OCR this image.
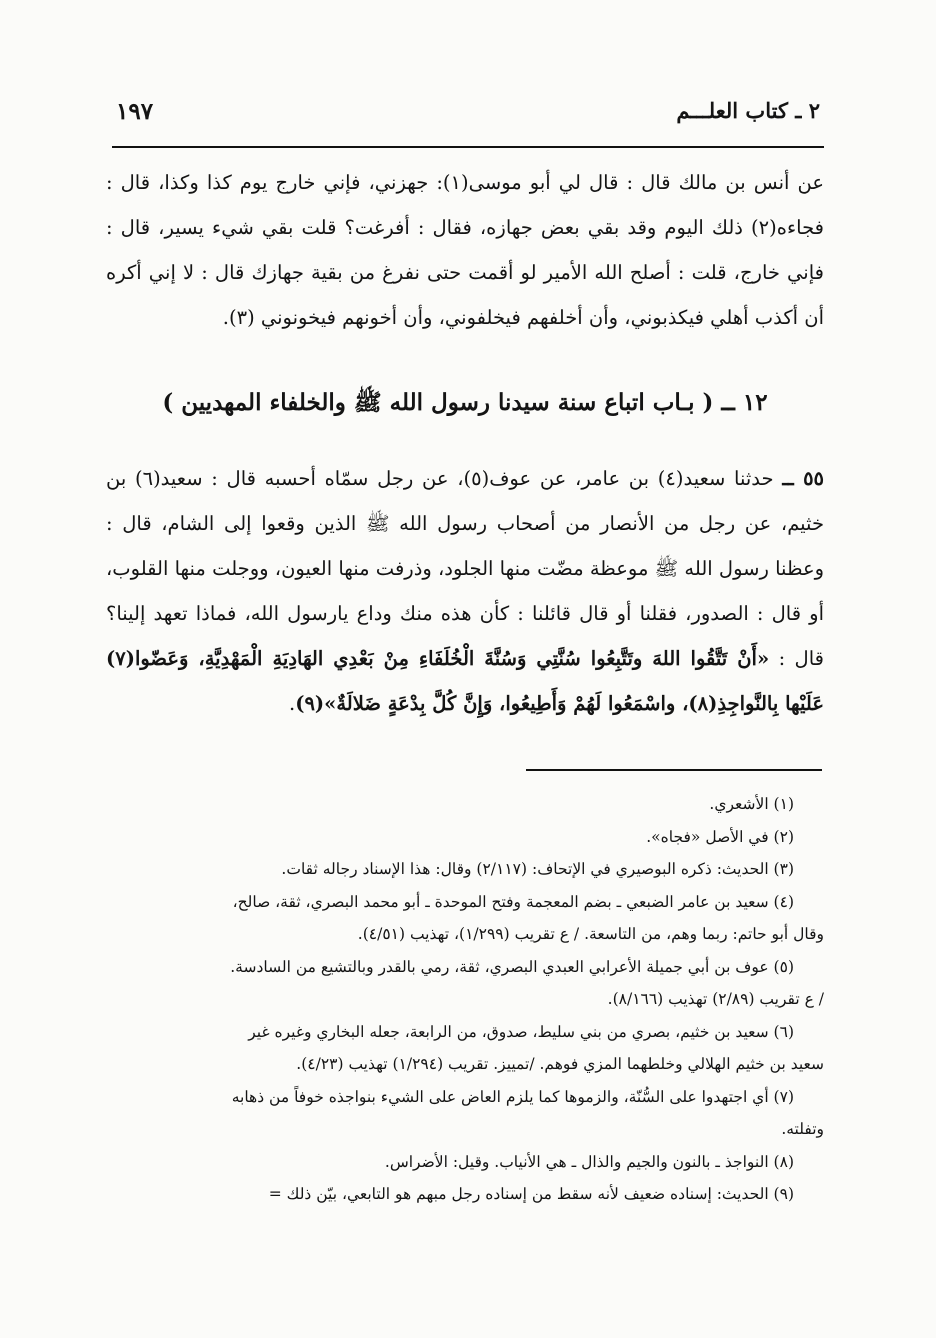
٢ ـ كتاب العلـــم
١٩٧

عن أنس بن مالك قال : قال لي أبو موسى(١): جهزني، فإني خارج يوم كذا وكذا، قال : فجاءه(٢) ذلك اليوم وقد بقي بعض جهازه، فقال : أفرغت؟ قلت بقي شيء يسير، قال : فإني خارج، قلت : أصلح الله الأمير لو أقمت حتى نفرغ من بقية جهازك قال : لا إني أكره أن أكذب أهلي فيكذبوني، وأن أخلفهم فيخلفوني، وأن أخونهم فيخونوني (٣).

١٢ ــ ( بـاب اتباع سنة سيدنا رسول الله ﷺ والخلفاء المهديين )

٥٥ ــ حدثنا سعيد(٤) بن عامر، عن عوف(٥)، عن رجل سمّاه أحسبه قال : سعيد(٦) بن خثيم، عن رجل من الأنصار من أصحاب رسول الله ﷺ الذين وقعوا إلى الشام، قال : وعظنا رسول الله ﷺ موعظة مضّت منها الجلود، وذرفت منها العيون، ووجلت منها القلوب، أو قال : الصدور، فقلنا أو قال قائلنا : كأن هذه منك وداع يارسول الله، فماذا تعهد إلينا؟ قال : «أَنْ تَتَّقُوا اللهَ وتَتَّبِعُوا سُنَّتِي وَسُنَّةَ الْخُلَفَاءِ مِنْ بَعْدِي الهَادِيَةِ الْمَهْدِيَّةِ، وَعَضّوا(٧) عَلَيْها بِالنَّواجِذِ(٨)، واسْمَعُوا لَهُمْ وَأَطِيعُوا، وَإِنَّ كُلَّ بِدْعَةٍ ضَلالَةٌ»(٩).

(١) الأشعري.

(٢) في الأصل «فجاه».

(٣) الحديث: ذكره البوصيري في الإتحاف: (٢/١١٧) وقال: هذا الإسناد رجاله ثقات.

(٤) سعيد بن عامر الضبعي ـ بضم المعجمة وفتح الموحدة ـ أبو محمد البصري، ثقة، صالح،

وقال أبو حاتم: ربما وهم، من التاسعة. / ع تقريب (١/٢٩٩)، تهذيب (٤/٥١).

(٥) عوف بن أبي جميلة الأعرابي العبدي البصري، ثقة، رمي بالقدر وبالتشيع من السادسة.

/ ع تقريب (٢/٨٩) تهذيب (٨/١٦٦).

(٦) سعيد بن خثيم، بصري من بني سليط، صدوق، من الرابعة، جعله البخاري وغيره غير

سعيد بن خثيم الهلالي وخلطهما المزي فوهم. /تمييز. تقريب (١/٢٩٤) تهذيب (٤/٢٣).

(٧) أي اجتهدوا على السُّنّة، والزموها كما يلزم العاض على الشيء بنواجذه خوفاً من ذهابه

وتفلته.

(٨) النواجذ ـ بالنون والجيم والذال ـ هي الأنياب. وقيل: الأضراس.

(٩) الحديث: إسناده ضعيف لأنه سقط من إسناده رجل مبهم هو التابعي، بيّن ذلك =
